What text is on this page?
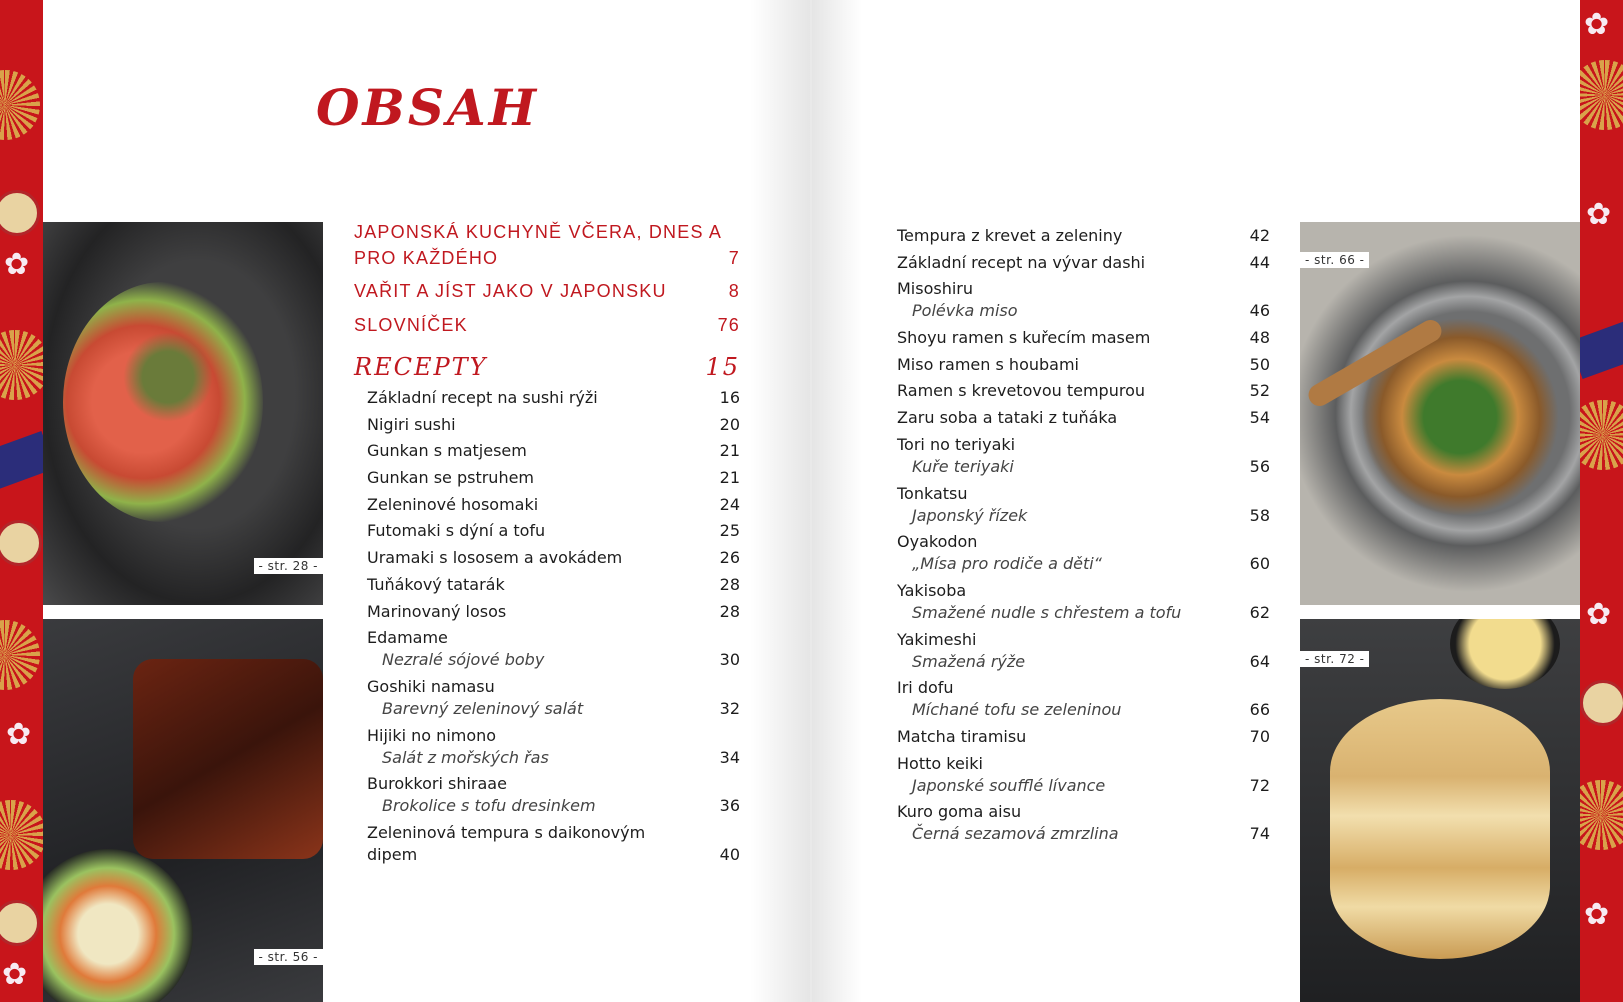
✿
✿
✿
- str. 28 -
- str. 56 -
OBSAH
JAPONSKÁ KUCHYNĚ VČERA, DNES A PRO KAŽDÉHO	7
VAŘIT A JÍST JAKO V JAPONSKU	8
SLOVNÍČEK	76
RECEPTY	15
Základní recept na sushi rýži	16
Nigiri sushi	20
Gunkan s matjesem	21
Gunkan se pstruhem	21
Zeleninové hosomaki	24
Futomaki s dýní a tofu	25
Uramaki s lososem a avokádem	26
Tuňákový tatarák	28
Marinovaný losos	28
Edamame
Nezralé sójové boby	30
Goshiki namasu
Barevný zeleninový salát	32
Hijiki no nimono
Salát z mořských řas	34
Burokkori shiraae
Brokolice s tofu dresinkem	36
Zeleninová tempura s daikonovým dipem	40
Tempura z krevet a zeleniny	42
Základní recept na vývar dashi	44
Misoshiru
Polévka miso	46
Shoyu ramen s kuřecím masem	48
Miso ramen s houbami	50
Ramen s krevetovou tempurou	52
Zaru soba a tataki z tuňáka	54
Tori no teriyaki
Kuře teriyaki	56
Tonkatsu
Japonský řízek	58
Oyakodon
„Mísa pro rodiče a děti“	60
Yakisoba
Smažené nudle s chřestem a tofu	62
Yakimeshi
Smažená rýže	64
Iri dofu
Míchané tofu se zeleninou	66
Matcha tiramisu	70
Hotto keiki
Japonské soufflé lívance	72
Kuro goma aisu
Černá sezamová zmrzlina	74
- str. 66 -
- str. 72 -
✿
✿
✿
✿
